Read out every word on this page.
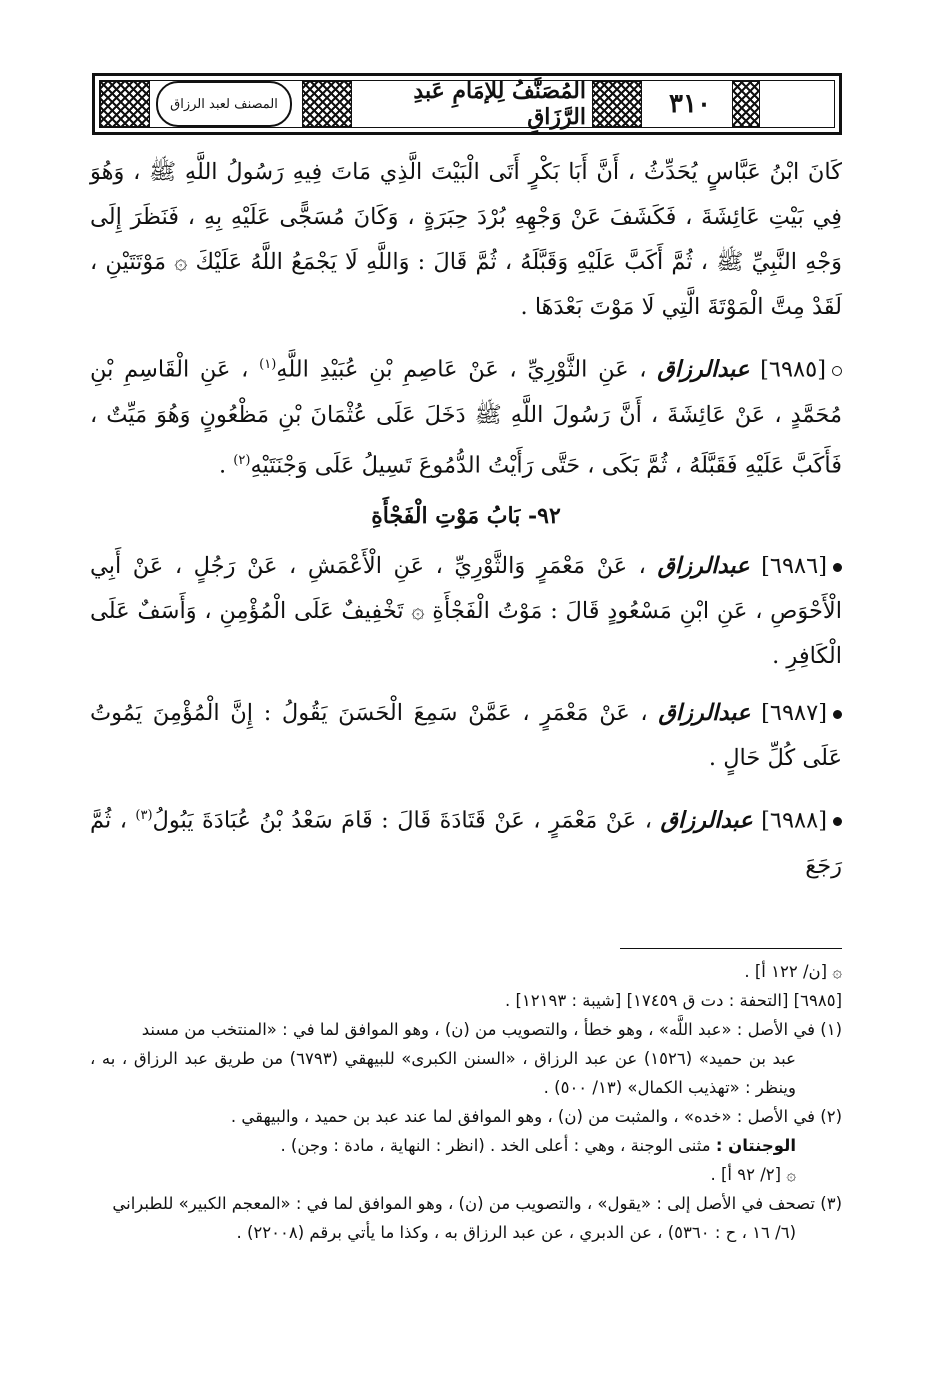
المصنف لعبد الرزاق	المُصَنَّفُ لِلإمَامِ عَبدِ الرَّزَاقِ	٣١٠

كَانَ ابْنُ عَبَّاسٍ يُحَدِّثُ ، أَنَّ أَبَا بَكْرٍ أَتَى الْبَيْتَ الَّذِي مَاتَ فِيهِ رَسُولُ اللَّهِ ﷺ ، وَهُوَ فِي بَيْتِ عَائِشَةَ ، فَكَشَفَ عَنْ وَجْهِهِ بُرْدَ حِبَرَةٍ ، وَكَانَ مُسَجًّى عَلَيْهِ بِهِ ، فَنَظَرَ إِلَى وَجْهِ النَّبِيِّ ﷺ ، ثُمَّ أَكَبَّ عَلَيْهِ وَقَبَّلَهُ ، ثُمَّ قَالَ : وَاللَّهِ لَا يَجْمَعُ اللَّهُ عَلَيْكَ ۞ مَوْتَتَيْنِ ، لَقَدْ مِتَّ الْمَوْتَةَ الَّتِي لَا مَوْتَ بَعْدَهَا .

[٦٩٨٥] عبدالرزاق ، عَنِ الثَّوْرِيِّ ، عَنْ عَاصِمِ بْنِ عُبَيْدِ اللَّهِ$^{(١)}$ ، عَنِ الْقَاسِمِ بْنِ مُحَمَّدٍ ، عَنْ عَائِشَةَ ، أَنَّ رَسُولَ اللَّهِ ﷺ دَخَلَ عَلَى عُثْمَانَ بْنِ مَظْعُونٍ وَهُوَ مَيِّتٌ ، فَأَكَبَّ عَلَيْهِ فَقَبَّلَهُ ، ثُمَّ بَكَى ، حَتَّى رَأَيْتُ الدُّمُوعَ تَسِيلُ عَلَى وَجْنَتَيْهِ$^{(٢)}$ .

٩٢- بَابُ مَوْتِ الْفَجْأَةِ

[٦٩٨٦] عبدالرزاق ، عَنْ مَعْمَرٍ وَالثَّوْرِيِّ ، عَنِ الْأَعْمَشِ ، عَنْ رَجُلٍ ، عَنْ أَبِي الْأَحْوَصِ ، عَنِ ابْنِ مَسْعُودٍ قَالَ : مَوْتُ الْفَجْأَةِ ۞ تَخْفِيفٌ عَلَى الْمُؤْمِنِ ، وَأَسَفٌ عَلَى الْكَافِرِ .

[٦٩٨٧] عبدالرزاق ، عَنْ مَعْمَرٍ ، عَمَّنْ سَمِعَ الْحَسَنَ يَقُولُ : إِنَّ الْمُؤْمِنَ يَمُوتُ عَلَى كُلِّ حَالٍ .

[٦٩٨٨] عبدالرزاق ، عَنْ مَعْمَرٍ ، عَنْ قَتَادَةَ قَالَ : قَامَ سَعْدُ بْنُ عُبَادَةَ يَبُولُ$^{(٣)}$ ، ثُمَّ رَجَعَ

۞ [ن/ ١٢٢ أ] .

[٦٩٨٥] [التحفة : دت ق ١٧٤٥٩] [شيبة : ١٢١٩٣] .

(١) في الأصل : «عبد اللَّه» ، وهو خطأ ، والتصويب من (ن) ، وهو الموافق لما في : «المنتخب من مسند

عبد بن حميد» (١٥٢٦) عن عبد الرزاق ، «السنن الكبرى» للبيهقي (٦٧٩٣) من طريق عبد الرزاق ، به ، وينظر : «تهذيب الكمال» (١٣/ ٥٠٠) .

(٢) في الأصل : «خده» ، والمثبت من (ن) ، وهو الموافق لما عند عبد بن حميد ، والبيهقي .

الوجنتان : مثنى الوجنة ، وهي : أعلى الخد . (انظر : النهاية ، مادة : وجن) .

۞ [٢/ ٩٢ أ] .

(٣) تصحف في الأصل إلى : «يقول» ، والتصويب من (ن) ، وهو الموافق لما في : «المعجم الكبير» للطبراني

(٦/ ١٦ ، ح : ٥٣٦٠) ، عن الدبري ، عن عبد الرزاق به ، وكذا ما يأتي برقم (٢٢٠٠٨) .
